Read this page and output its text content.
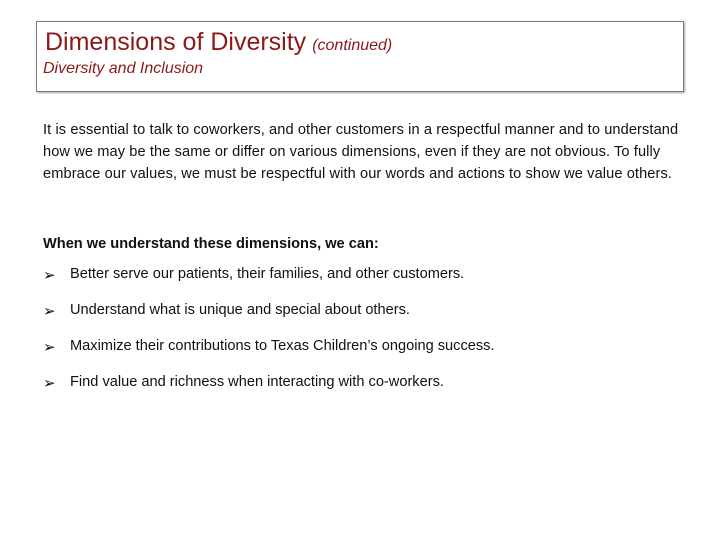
Dimensions of Diversity (continued)
Diversity and Inclusion
It is essential to talk to coworkers, and other customers in a respectful manner and to understand how we may be the same or differ on various dimensions, even if they are not obvious. To fully embrace our values, we must be respectful with our words and actions to show we value others.
When we understand these dimensions, we can:
➢ Better serve our patients, their families, and other customers.
➢ Understand what is unique and special about others.
➢ Maximize their contributions to Texas Children’s ongoing success.
➢ Find value and richness when interacting with co-workers.
